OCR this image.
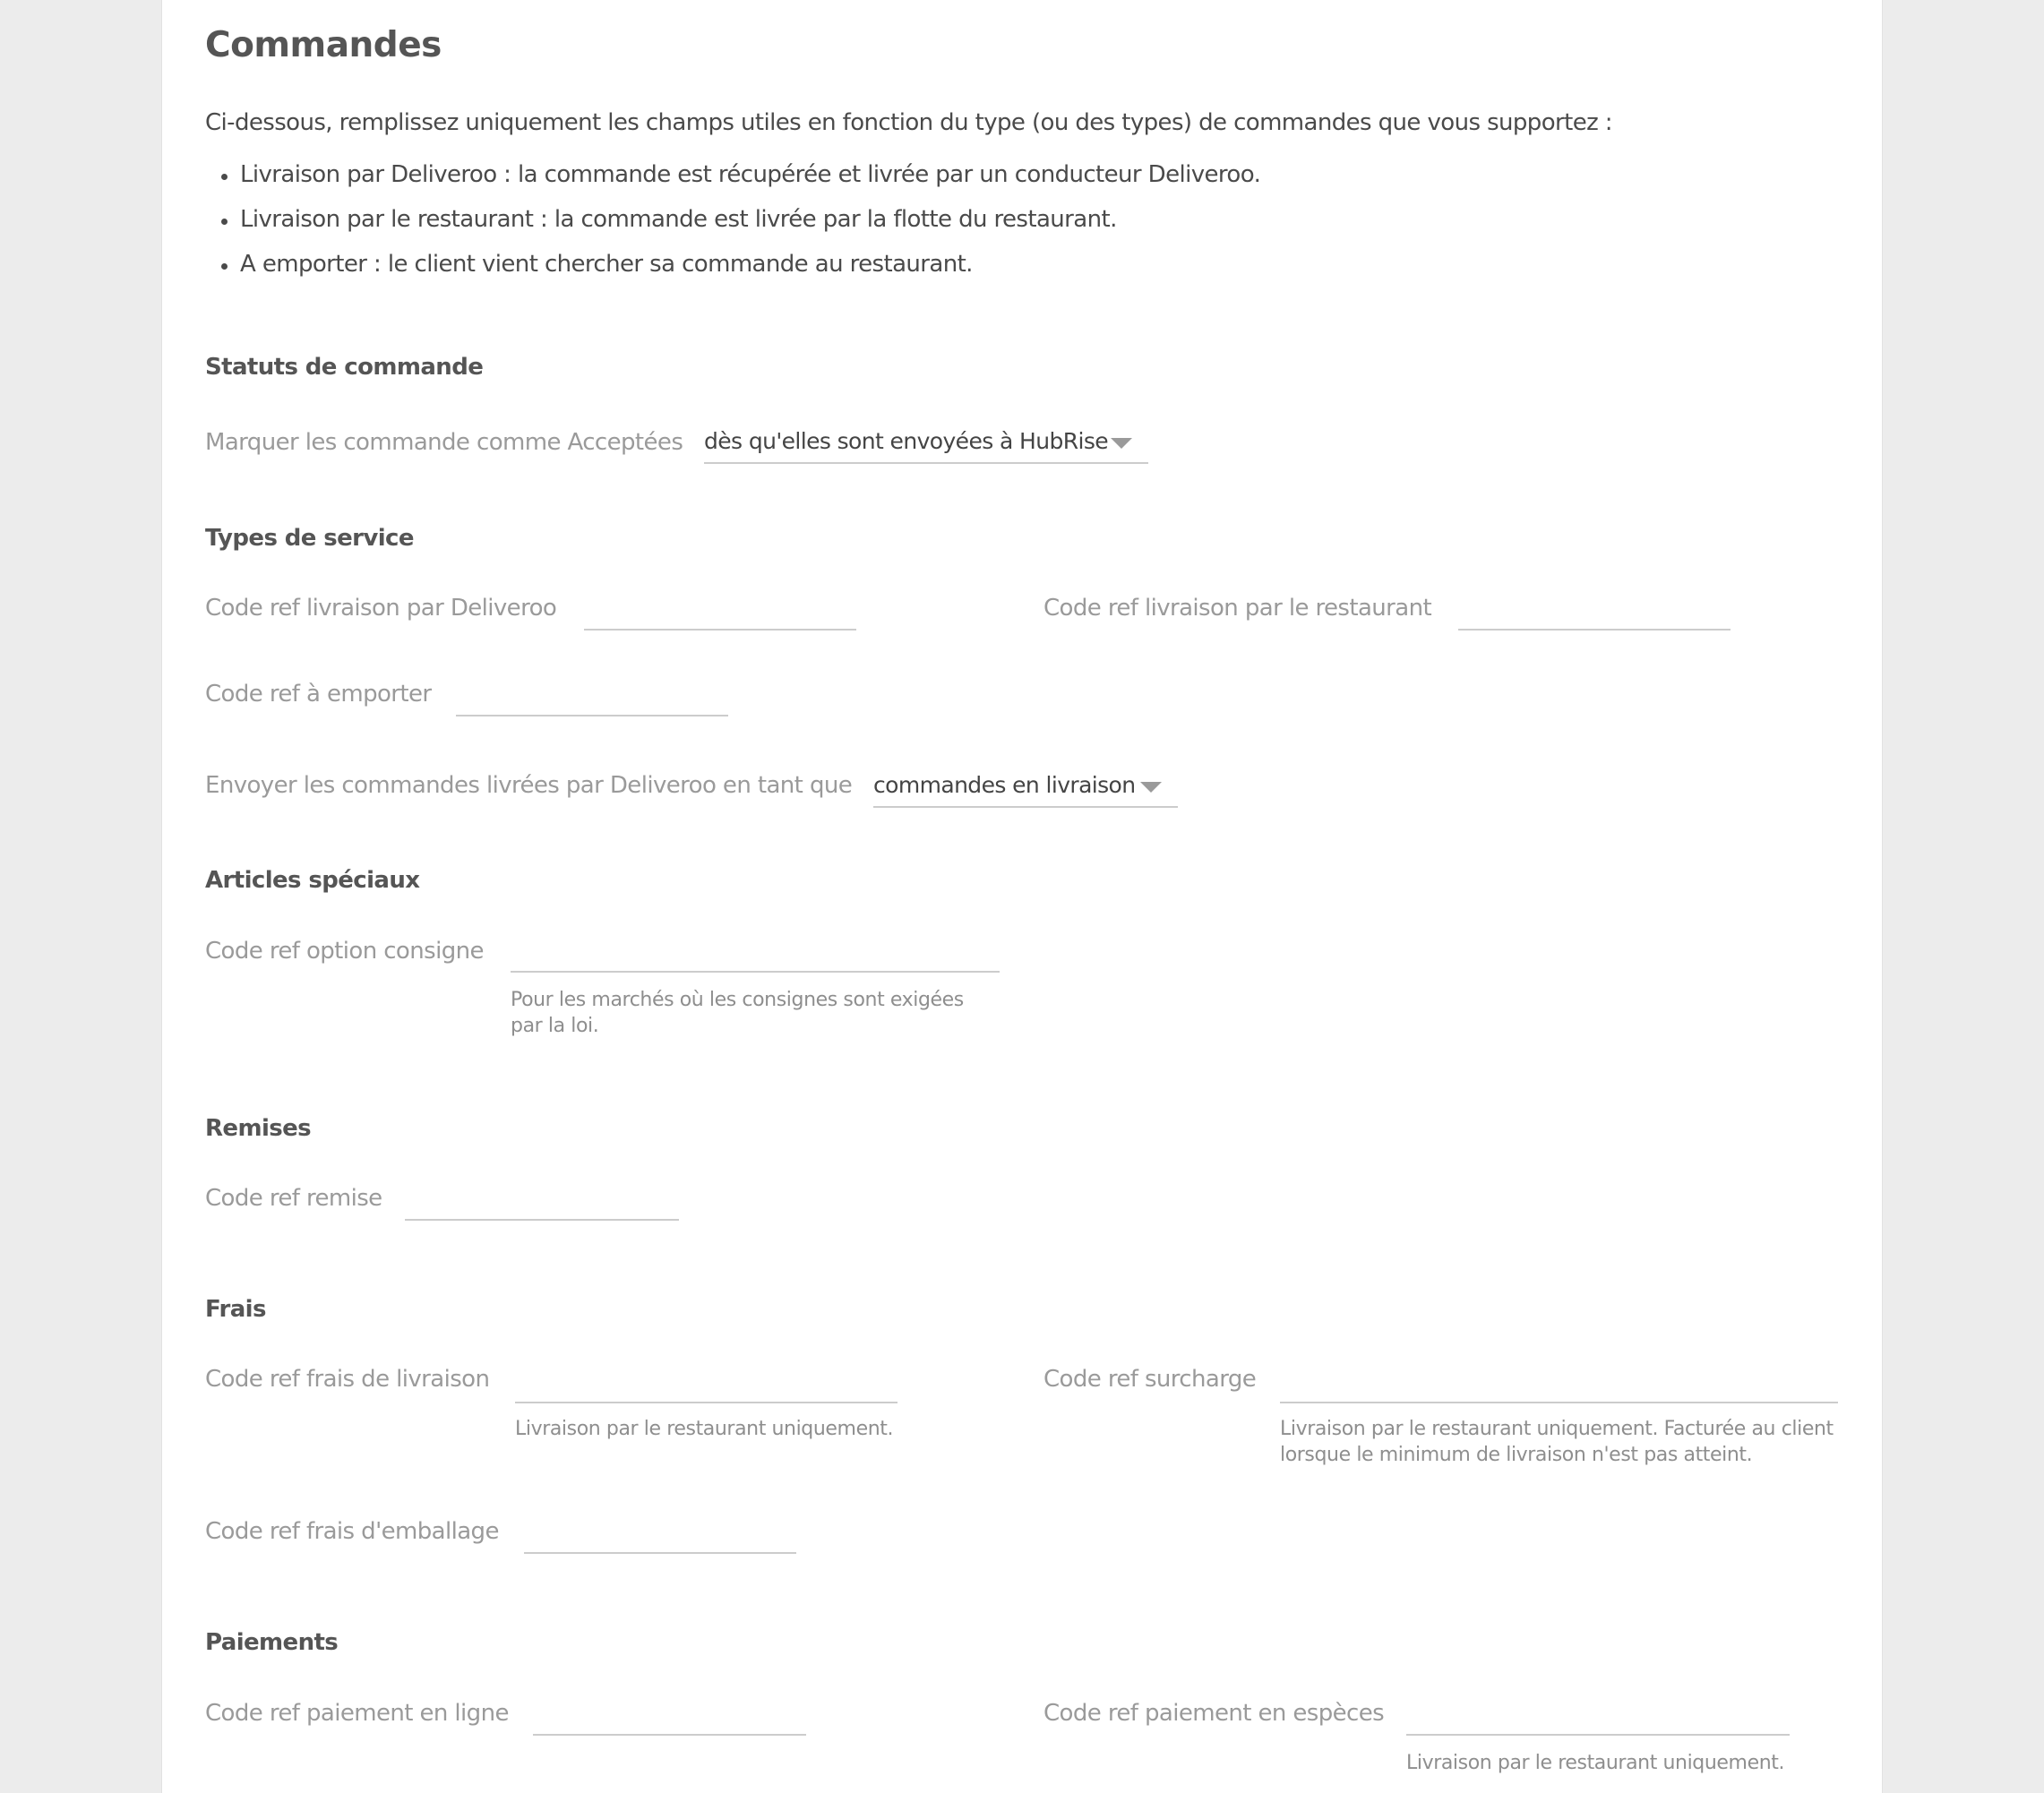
Commandes
Ci-dessous, remplissez uniquement les champs utiles en fonction du type (ou des types) de commandes que vous supportez :
Livraison par Deliveroo : la commande est récupérée et livrée par un conducteur Deliveroo.
Livraison par le restaurant : la commande est livrée par la flotte du restaurant.
A emporter : le client vient chercher sa commande au restaurant.
Statuts de commande
Marquer les commande comme Acceptées dès qu'elles sont envoyées à HubRise
Types de service
Code ref livraison par Deliveroo	Code ref livraison par le restaurant
Code ref à emporter
Envoyer les commandes livrées par Deliveroo en tant que commandes en livraison
Articles spéciaux
Code ref option consigne
Pour les marchés où les consignes sont exigées par la loi.
Remises
Code ref remise
Frais
Code ref frais de livraison
Livraison par le restaurant uniquement.
Code ref surcharge
Livraison par le restaurant uniquement. Facturée au client lorsque le minimum de livraison n'est pas atteint.
Code ref frais d'emballage
Paiements
Code ref paiement en ligne	Code ref paiement en espèces
Livraison par le restaurant uniquement.
